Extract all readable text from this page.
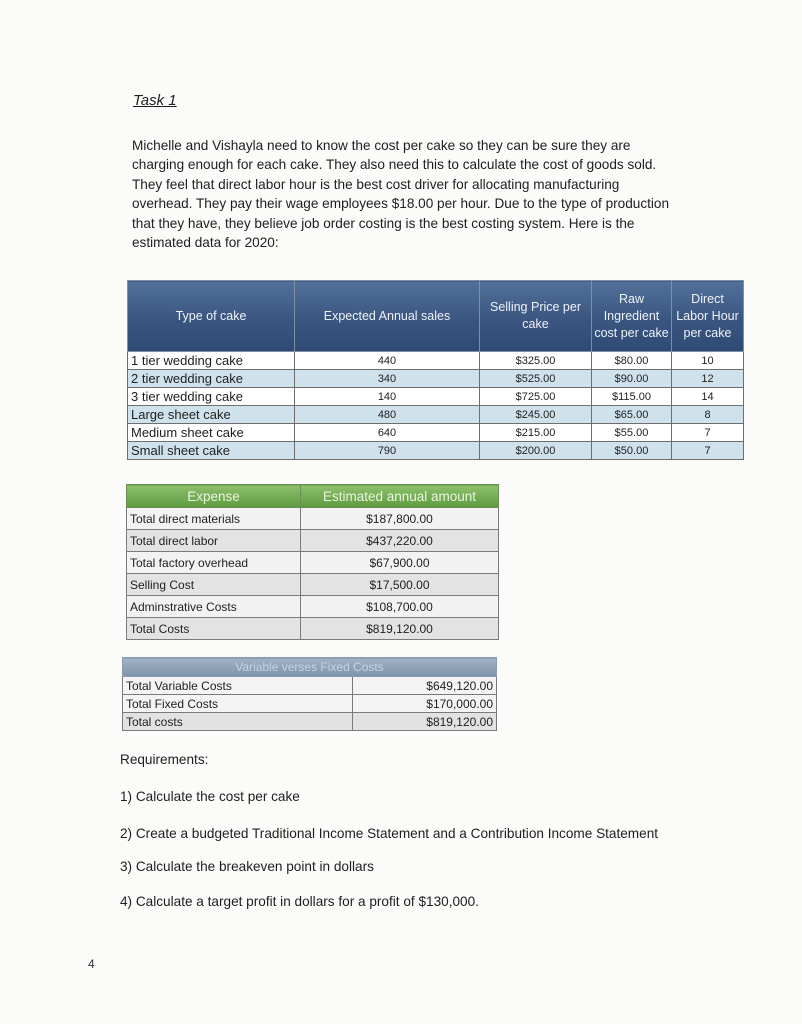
Task 1
Michelle and Vishayla need to know the cost per cake so they can be sure they are
charging enough for each cake. They also need this to calculate the cost of goods sold.
They feel that direct labor hour is the best cost driver for allocating manufacturing
overhead. They pay their wage employees $18.00 per hour. Due to the type of production
that they have, they believe job order costing is the best costing system. Here is the
estimated data for 2020:
Type of cake	Expected Annual sales	Selling Price per cake	Raw Ingredient cost per cake	Direct Labor Hour per cake
1 tier wedding cake	440	$325.00	$80.00	10
2 tier wedding cake	340	$525.00	$90.00	12
3 tier wedding cake	140	$725.00	$115.00	14
Large sheet cake	480	$245.00	$65.00	8
Medium sheet cake	640	$215.00	$55.00	7
Small sheet cake	790	$200.00	$50.00	7
Expense	Estimated annual amount
Total direct materials	$187,800.00
Total direct labor	$437,220.00
Total factory overhead	$67,900.00
Selling Cost	$17,500.00
Adminstrative Costs	$108,700.00
Total Costs	$819,120.00
Variable verses Fixed Costs	
Total Variable Costs	$649,120.00
Total Fixed Costs	$170,000.00
Total costs	$819,120.00
Requirements:
1) Calculate the cost per cake
2) Create a budgeted Traditional Income Statement and a Contribution Income Statement
3) Calculate the breakeven point in dollars
4) Calculate a target profit in dollars for a profit of $130,000.
4
